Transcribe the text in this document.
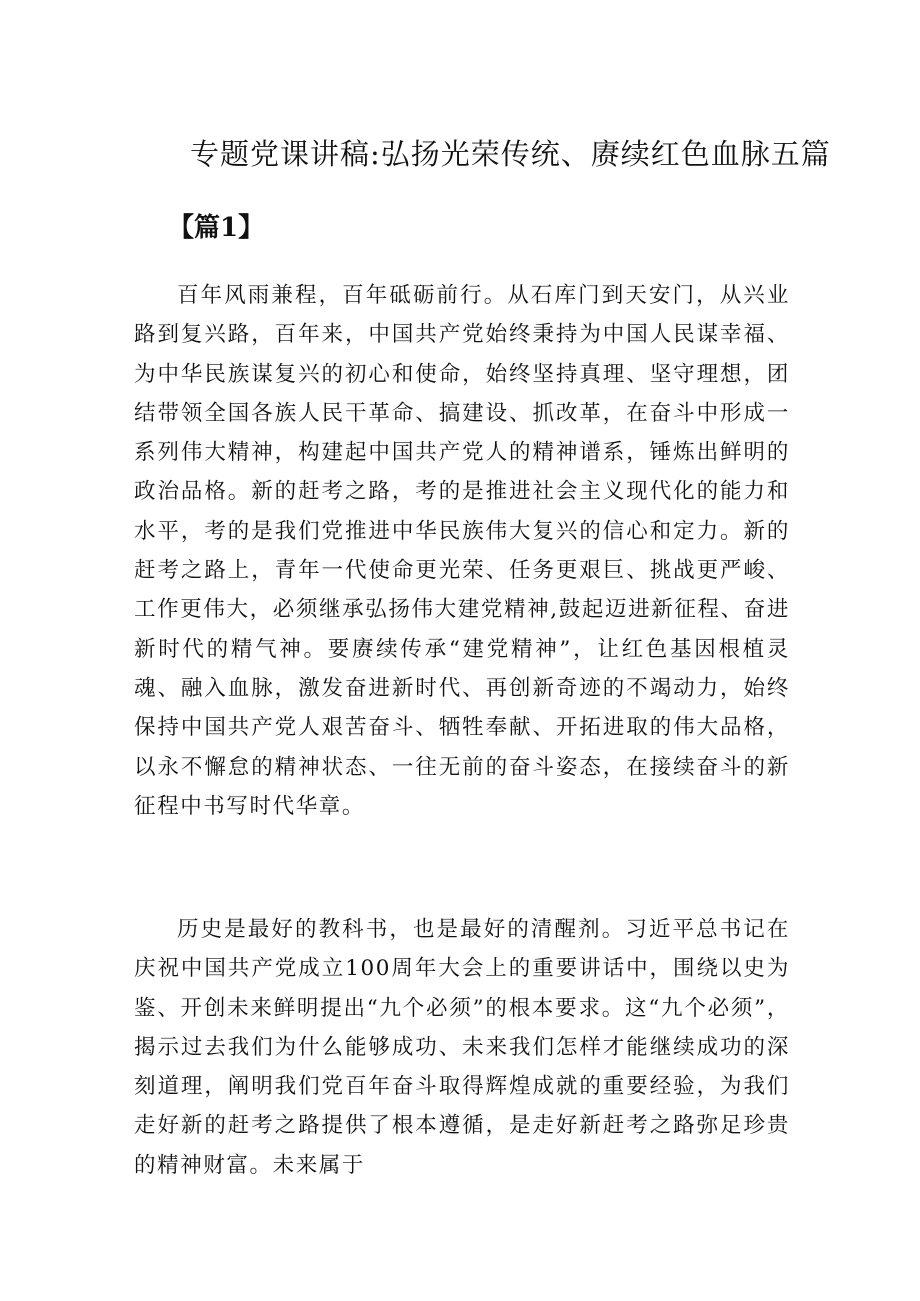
专题党课讲稿:弘扬光荣传统、赓续红色血脉五篇
【篇1】

百年风雨兼程，百年砥砺前行。从石库门到天安门，从兴业路到复兴路，百年来，中国共产党始终秉持为中国人民谋幸福、为中华民族谋复兴的初心和使命，始终坚持真理、坚守理想，团结带领全国各族人民干革命、搞建设、抓改革，在奋斗中形成一系列伟大精神，构建起中国共产党人的精神谱系，锤炼出鲜明的政治品格。新的赶考之路，考的是推进社会主义现代化的能力和水平，考的是我们党推进中华民族伟大复兴的信心和定力。新的赶考之路上，青年一代使命更光荣、任务更艰巨、挑战更严峻、工作更伟大，必须继承弘扬伟大建党精神,鼓起迈进新征程、奋进新时代的精气神。要赓续传承“建党精神”，让红色基因根植灵魂、融入血脉，激发奋进新时代、再创新奇迹的不竭动力，始终保持中国共产党人艰苦奋斗、牺牲奉献、开拓进取的伟大品格，以永不懈怠的精神状态、一往无前的奋斗姿态，在接续奋斗的新征程中书写时代华章。

历史是最好的教科书，也是最好的清醒剂。习近平总书记在庆祝中国共产党成立100周年大会上的重要讲话中，围绕以史为鉴、开创未来鲜明提出“九个必须”的根本要求。这“九个必须”，揭示过去我们为什么能够成功、未来我们怎样才能继续成功的深刻道理，阐明我们党百年奋斗取得辉煌成就的重要经验，为我们走好新的赶考之路提供了根本遵循，是走好新赶考之路弥足珍贵的精神财富。未来属于
